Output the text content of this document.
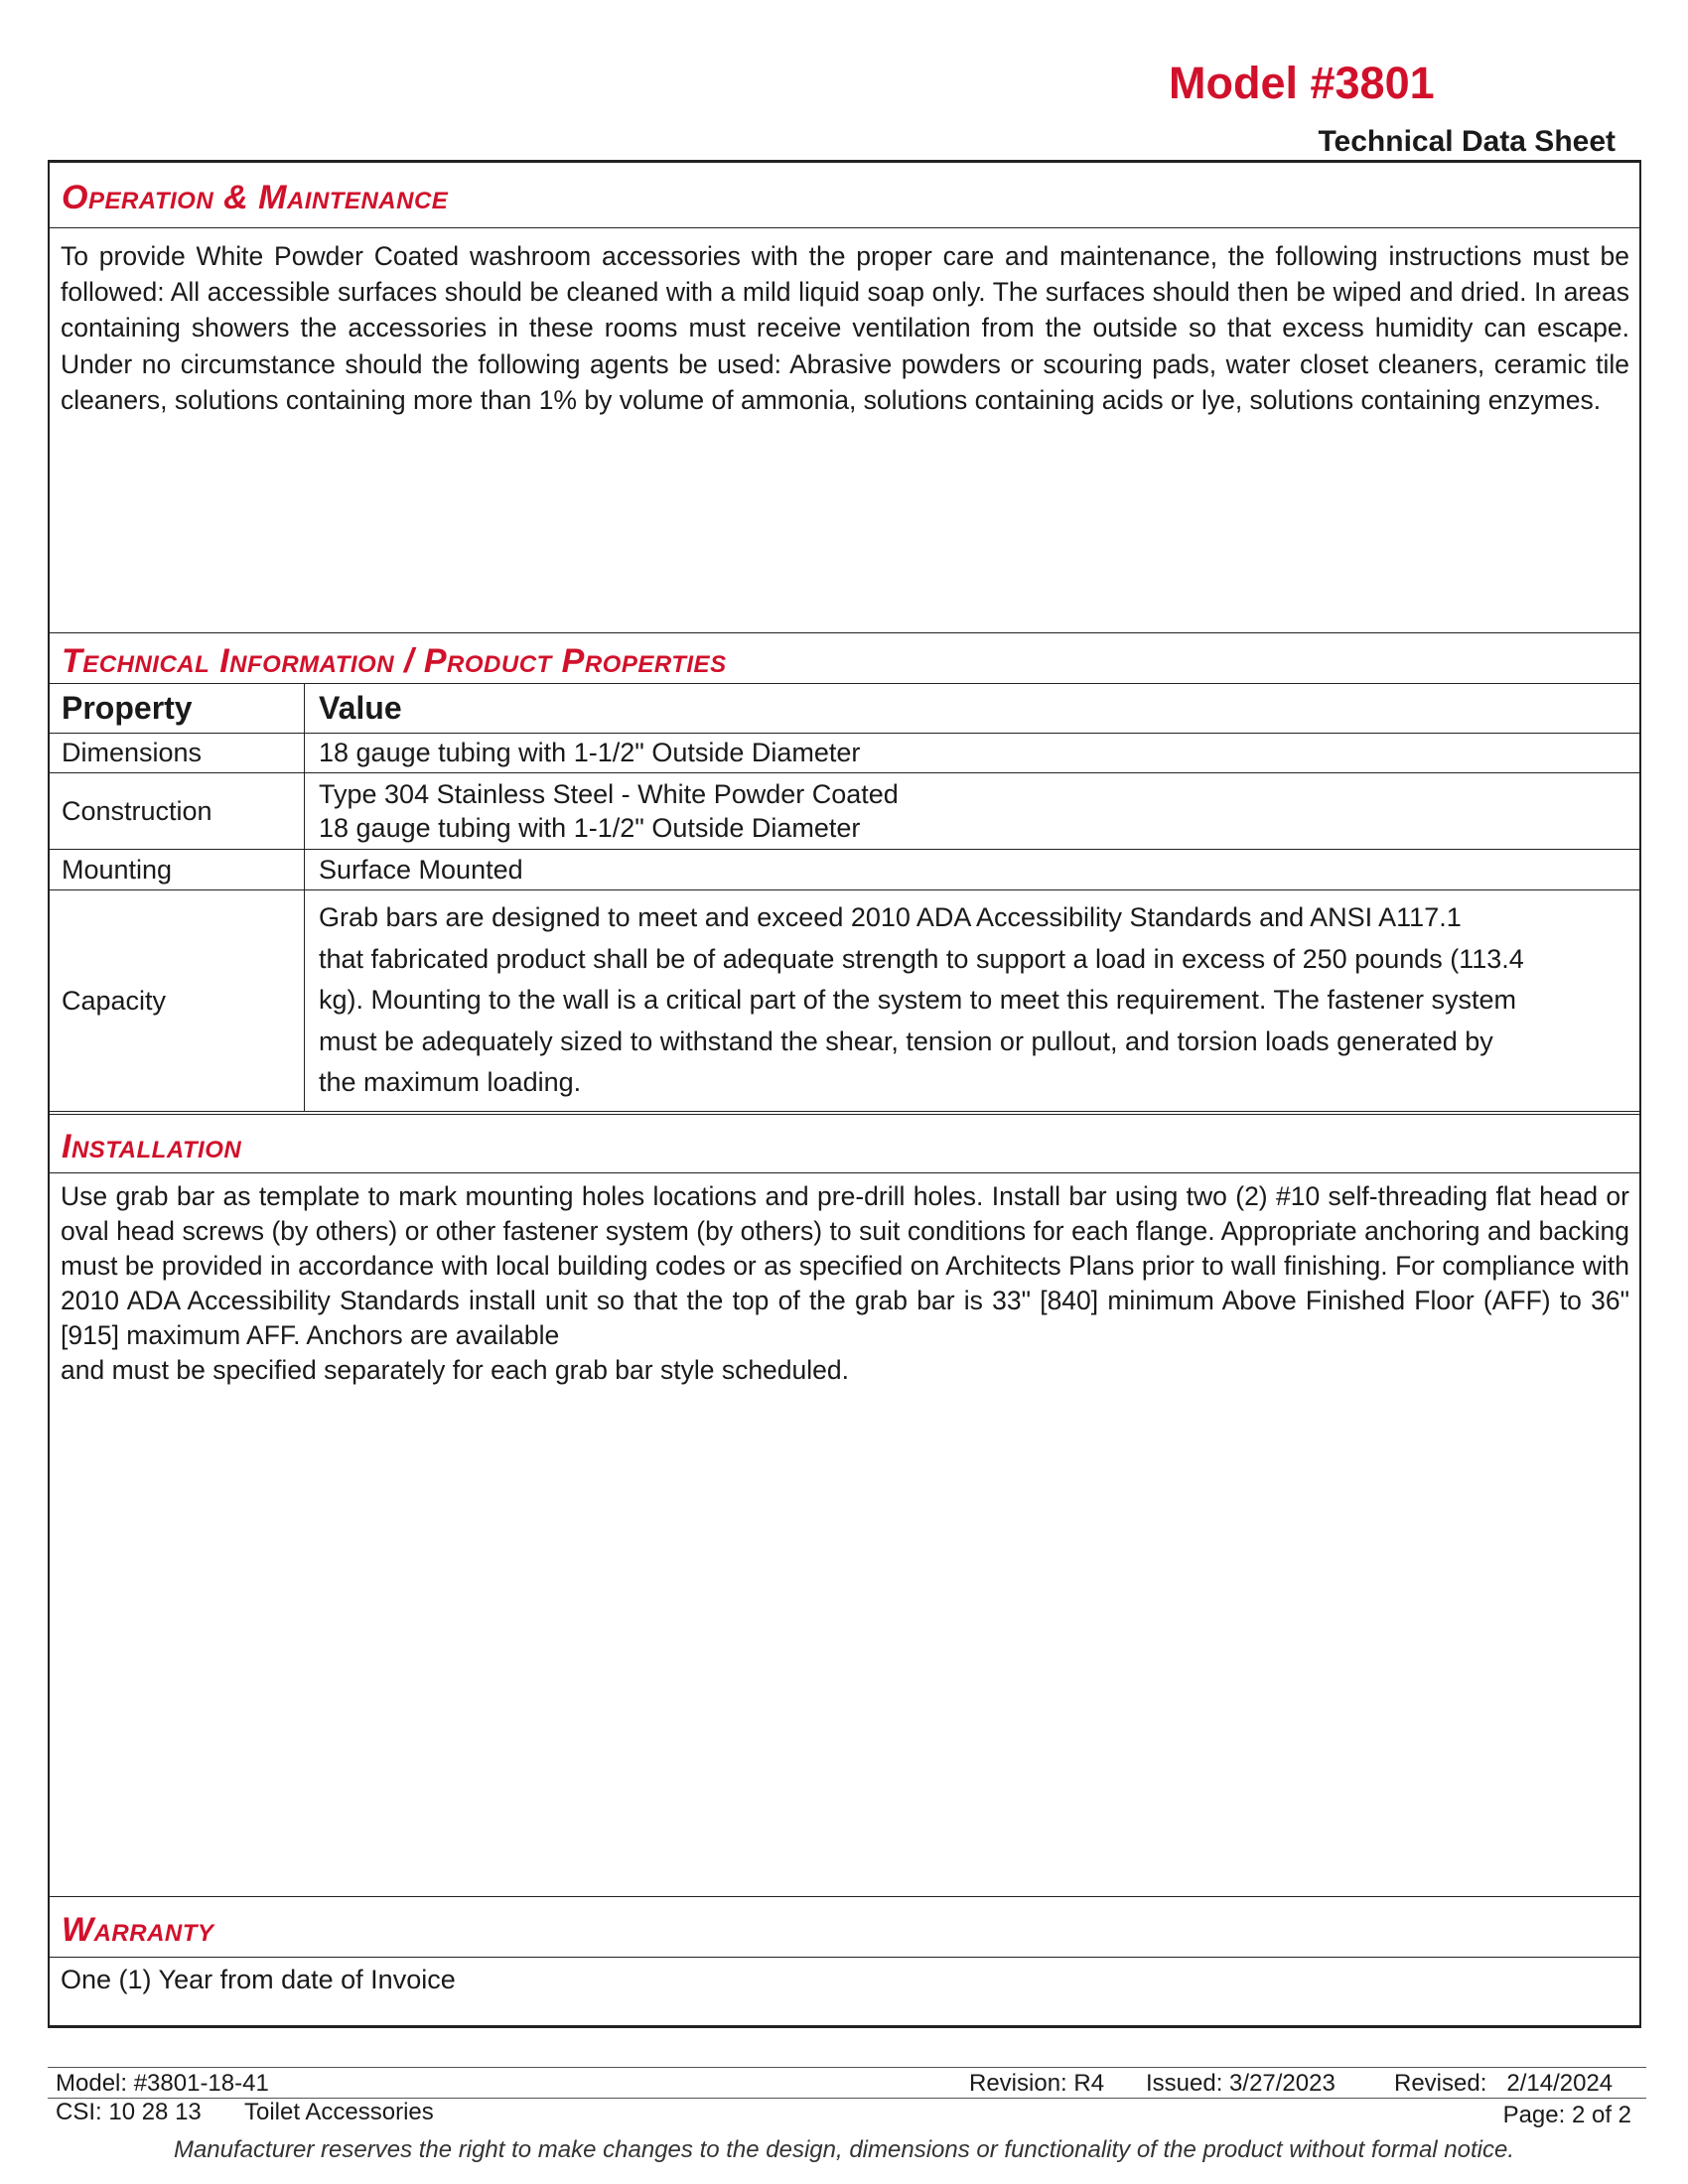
Model #3801
Technical Data Sheet
Operation & Maintenance
To provide White Powder Coated washroom accessories with the proper care and maintenance, the following instructions must be followed: All accessible surfaces should be cleaned with a mild liquid soap only. The surfaces should then be wiped and dried. In areas containing showers the accessories in these rooms must receive ventilation from the outside so that excess humidity can escape. Under no circumstance should the following agents be used: Abrasive powders or scouring pads, water closet cleaners, ceramic tile cleaners, solutions containing more than 1% by volume of ammonia, solutions containing acids or lye, solutions containing enzymes.
Technical Information / Product Properties
Property	Value
Dimensions	18 gauge tubing with 1-1/2" Outside Diameter
Construction	Type 304 Stainless Steel - White Powder Coated
18 gauge tubing with 1-1/2" Outside Diameter

Mounting	Surface Mounted
Capacity	Grab bars are designed to meet and exceed 2010 ADA Accessibility Standards and ANSI A117.1
that fabricated product shall be of adequate strength to support a load in excess of 250 pounds (113.4
kg). Mounting to the wall is a critical part of the system to meet this requirement. The fastener system
must be adequately sized to withstand the shear, tension or pullout, and torsion loads generated by
the maximum loading.
Installation
Use grab bar as template to mark mounting holes locations and pre-drill holes. Install bar using two (2) #10 self-threading flat head or oval head screws (by others) or other fastener system (by others) to suit conditions for each flange. Appropriate anchoring and backing must be provided in accordance with local building codes or as specified on Architects Plans prior to wall finishing. For compliance with 2010 ADA Accessibility Standards install unit so that the top of the grab bar is 33" [840] minimum Above Finished Floor (AFF) to 36" [915] maximum AFF. Anchors are available
and must be specified separately for each grab bar style scheduled.
Warranty
One (1) Year from date of Invoice
Model: #3801-18-41	Revision: R4 Issued: 3/27/2023 Revised:   2/14/2024
CSI: 10 28 13 Toilet Accessories	Page: 2 of 2
Manufacturer reserves the right to make changes to the design, dimensions or functionality of the product without formal notice.
